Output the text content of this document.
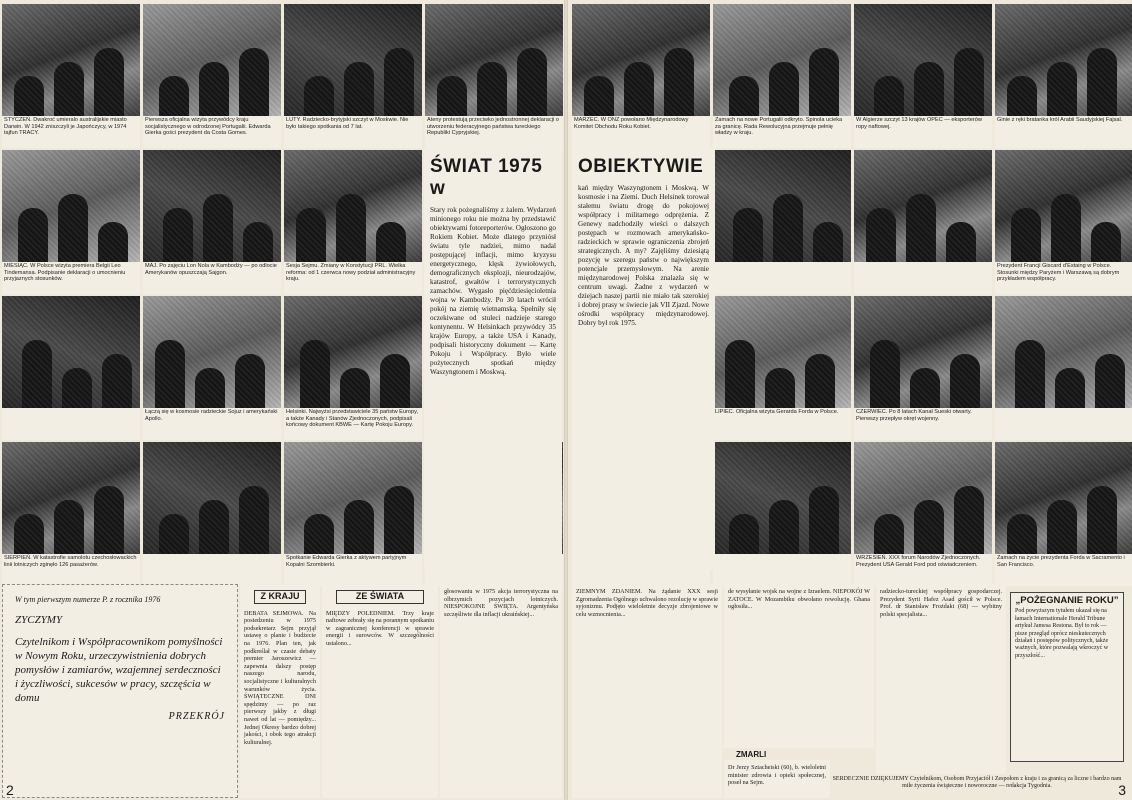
STYCZEŃ. Dwakroć umieralo australijskie miasto Darwin. W 1942 zniszczyli je Japończycy, w 1974 tajfun TRACY.
Pierwsza oficjalna wizyta przywódcy kraju socjalistycznego w odrodzonej Portugalii. Edwarda Gierka gości prezydent da Costa Gomes.
LUTY. Radziecko-brytyjski szczyt w Moskwie. Nie było takiego spotkania od 7 lat.
Ateny protestują przeciwko jednostronnej deklaracji o utworzeniu federacyjnego państwa tureckiego Republiki Cypryjskiej.
MIESIĄC. W Polsce wizyta premiera Belgii Leo Tindemansa. Podpisanie deklaracji o umocnieniu przyjaznych stosunków.
MAJ. Po zajęciu Lon Nola w Kambodży — po odlocie Amerykanów opuszczają Sajgon.
Sesja Sejmu. Zmiany w Konstytucji PRL. Wielka reforma: od 1 czerwca nowy podział administracyjny kraju.
Łączą się w kosmosie radzieckie Sojuz i amerykański Apollo.
Helsinki. Najwyżsi przedstawiciele 35 państw Europy, a także Kanady i Stanów Zjednoczonych, podpisali końcowy dokument KBWE — Kartę Pokoju Europy.
SIERPIEŃ. W katastrofie samolotu czechosłowackich linii lotniczych zginęło 126 pasażerów.
Spotkanie Edwarda Gierka z aktywem partyjnym Kopalni Szombierki.
MARZEC. W ONZ powołano Międzynarodowy Komitet Obchodu Roku Kobiet.
Zamach na nowe Portugalii odkryto. Spinola ucieka za granicę. Rada Rewolucyjna przejmuje pełnię władzy w kraju.
W Algierze szczyt 13 krajów OPEC — eksporterów ropy naftowej.
Ginie z ręki bratanka król Arabii Saudyjskiej Fajsal.
Prezydent Francji Giscard d'Estaing w Polsce. Stosunki między Paryżem i Warszawą są dobrym przykładem współpracy.
LIPIEC. Oficjalna wizyta Gerarda Forda w Polsce.	CZERWIEC. Po 8 latach Kanał Sueski otwarty. Pierwszy przepływ okręt wojenny.
WRZESIEŃ. XXX forum Narodów Zjednoczonych. Prezydent USA Gerald Ford pod oświadczeniem.
Zamach na życie prezydenta Forda w Sacramento i San Francisco.
ŚWIAT 1975 w
Stary rok pożegnaliśmy z żalem. Wydarzeń minionego roku nie można by przedstawić obiektywami fotoreporterów. Ogłoszono go Rokiem Kobiet. Może dlatego przyniósł światu tyle nadziei, mimo nadal postępującej inflacji, mimo kryzysu energetycznego, klęsk żywiołowych, demograficznych eksplozji, nieurodzajów, katastrof, gwałtów i terrorystycznych zamachów. Wygasło pięćdziesięcioletnia wojna w Kambodży. Po 30 latach wrócił pokój na ziemię wietnamską. Spełniły się oczekiwane od stuleci nadzieje starego kontynentu. W Helsinkach przywódcy 35 krajów Europy, a także USA i Kanady, podpisali historyczny dokument — Kartę Pokoju i Współpracy. Było wiele pożytecznych spotkań między Waszyngtonem i Moskwą.
OBIEKTYWIE
kań między Waszyngtonem i Moskwą. W kosmosie i na Ziemi. Duch Helsinek torował stałemu światu drogę do pokojowej współpracy i militarnego odprężenia. Z Genewy nadchodziły wieści o dalszych postępach w rozmowach amerykańsko-radzieckich w sprawie ograniczenia zbrojeń strategicznych. A my? Zajęliśmy dziesiątą pozycję w szeregu państw o największym potencjale przemysłowym. Na arenie międzynarodowej Polska znalazła się w centrum uwagi. Żadne z wydarzeń w dziejach naszej partii nie miało tak szerokiej i dobrej prasy w świecie jak VII Zjazd. Nowe ośrodki współpracy międzynarodowej. Dobry był rok 1975.
W tym pierwszym numerze P. z rocznika 1976
ZYCZYMY
Czytelnikom i Współpracownikom pomyślności w Nowym Roku, urzeczywistnienia dobrych pomysłów i zamiarów, wzajemnej serdeczności i życzliwości, sukcesów w pracy, szczęścia w domu
PRZEKRÓJ
Z KRAJU
DEBATA SEJMOWA. Na posiedzeniu w 1975 podsekretarz Sejm przyjął ustawę o planie i budżecie na 1976. Plan ten, jak podkreślał w czasie debaty premier Jaroszewicz — zapewnia dalszy postęp naszego narodu, socjalistyczne i kulturalnych warunków życia. ŚWIĄTECZNE DNI spędzimy — po raz pierwszy jakby z długi nawet od lat — pomiędzy... Jednej Okresy bardzo dobrej jakości, i obok tego atrakcji kulturalnej.
ZE ŚWIATA
MIĘDZY POLEDNIEM. Trzy kraje naftowe zebrały się na porannym spotkaniu w zagranicznej konferencji w sprawie energii i surowców. W szczególności ustalono...
głosowaniu w 1975 akcja terrorystyczna na olbrzymich pozycjach lotniczych. NIESPOKOJNE ŚWIĘTA. Argentyńska szczęśliwie dla inflacji ukraińskiej...
ZIEMNYM ZDANIEM. Na żądanie XXX sesji Zgromadzenia Ogólnego uchwalono rezolucję w sprawie syjonizmu. Podjęto wieloletnie decyzje zbrojeniowe w celu wzmocnienia...
de wysyłanie wojsk na wojne z Izraelem. NIEPOKÓJ W ZATOCE. W Mozambiku obwołano rewolucję. Ghana ogłosiła...
radziecko-tureckiej współpracy gospodarczej. Prezydent Syrii Hafez Asad gościł w Polsce. Prof. dr Stanisław Frożdakt (68) — wybitny polski specjalista...
„POŻEGNANIE ROKU”
Pod powyższym tytułem ukazał się na łamach Internationale Herald Tribune artykuł Jamesa Restona. Był to rok — pisze przegląd oprócz nieskutecznych działań i postępów politycznych, także ważnych, które pozwalają wkroczyć w przyszłość...
ZMARLI
Dr Jerzy Sztacheiski (60), b. wieloletni minister zdrowia i opieki społecznej, poseł na Sejm.
SERDECZNIE DZIĘKUJEMY Czytelnikom, Osobom Przyjaciół i Zespołom z kraju i za granicą za liczne i bardzo nam miłe życzenia świąteczne i noworoczne — redakcja Tygodnia.
2	3
